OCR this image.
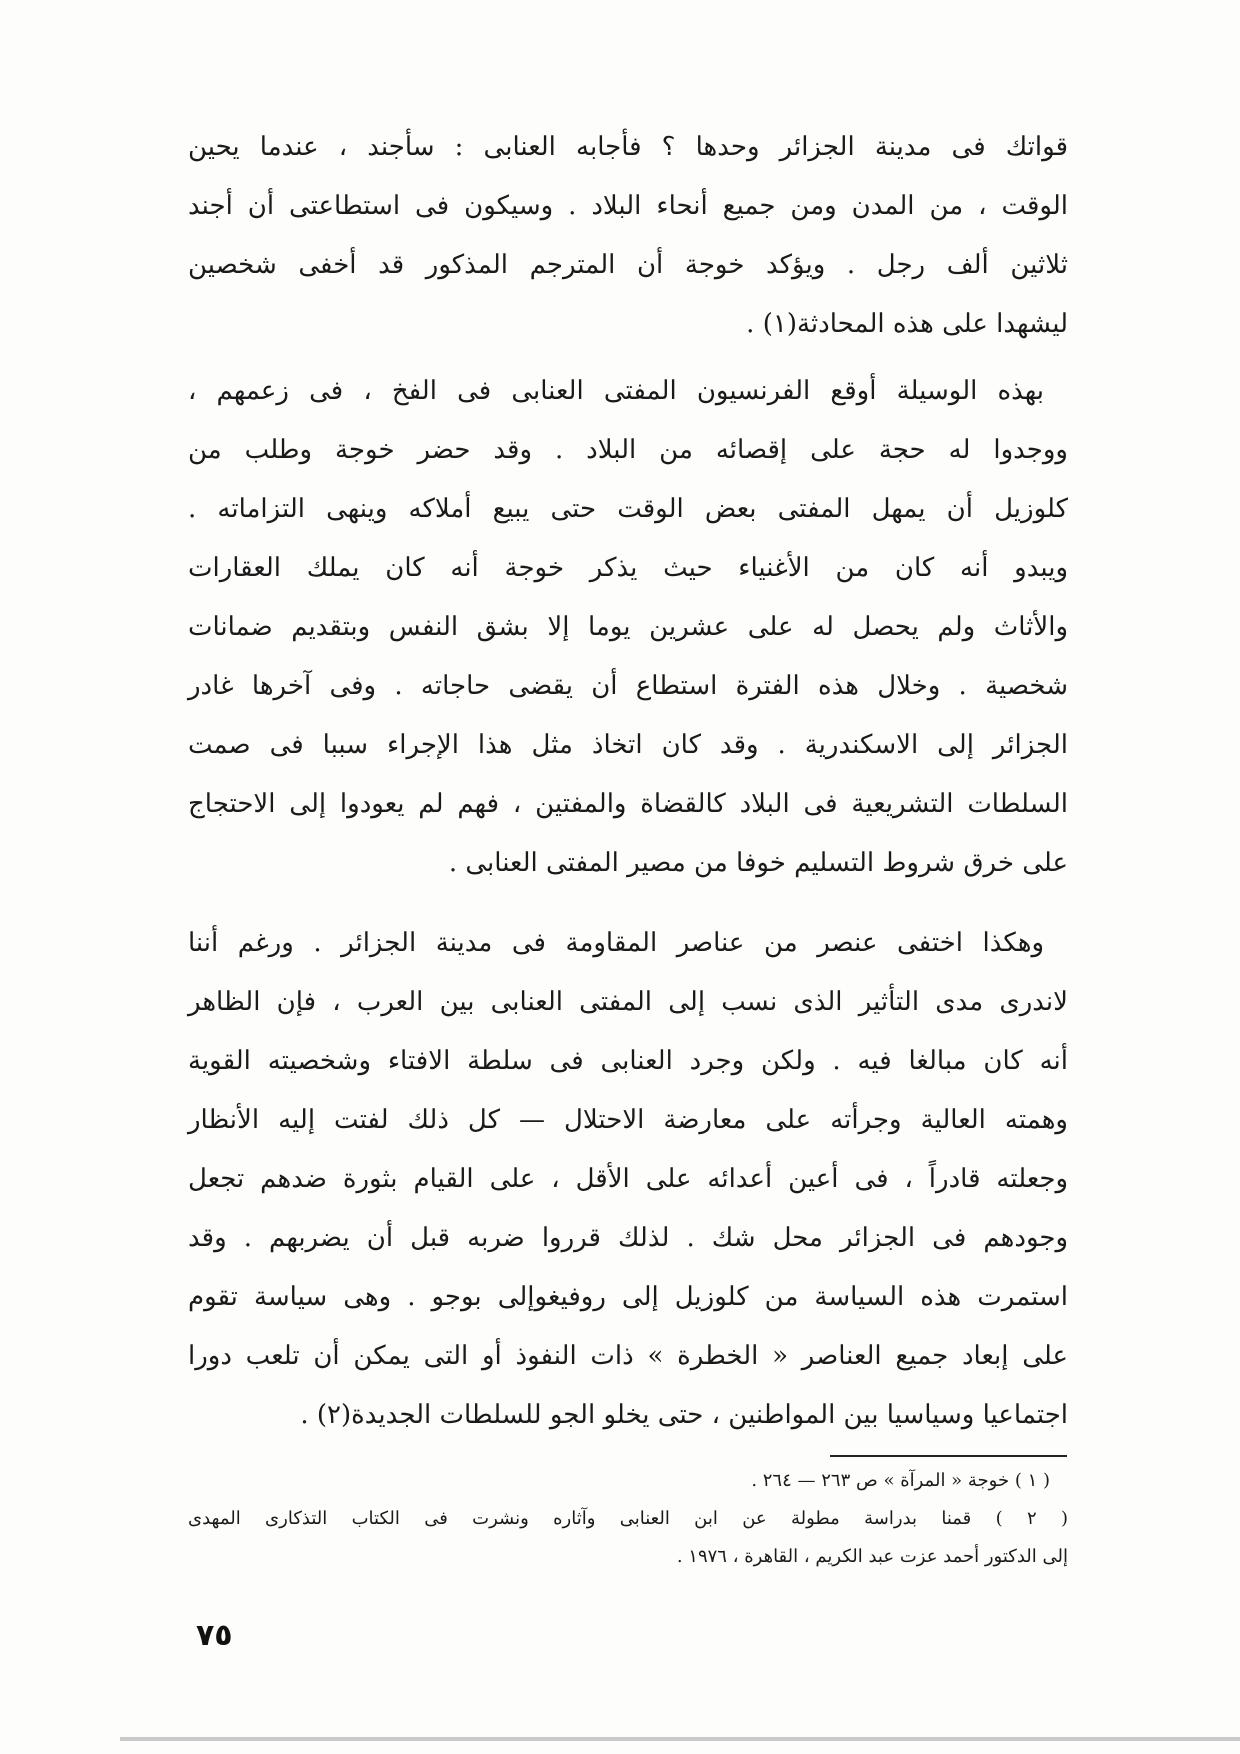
قواتك فى مدينة الجزائر وحدها ؟ فأجابه العنابى : سأجند ، عندما يحين
الوقت ، من المدن ومن جميع أنحاء البلاد . وسيكون فى استطاعتى أن أجند
ثلاثين ألف رجل . ويؤكد خوجة أن المترجم المذكور قد أخفى شخصين
ليشهدا على هذه المحادثة(١) .
بهذه الوسيلة أوقع الفرنسيون المفتى العنابى فى الفخ ، فى زعمهم ،
ووجدوا له حجة على إقصائه من البلاد . وقد حضر خوجة وطلب من
كلوزيل أن يمهل المفتى بعض الوقت حتى يبيع أملاكه وينهى التزاماته .
ويبدو أنه كان من الأغنياء حيث يذكر خوجة أنه كان يملك العقارات
والأثاث ولم يحصل له على عشرين يوما إلا بشق النفس وبتقديم ضمانات
شخصية . وخلال هذه الفترة استطاع أن يقضى حاجاته . وفى آخرها غادر
الجزائر إلى الاسكندرية . وقد كان اتخاذ مثل هذا الإجراء سببا فى صمت
السلطات التشريعية فى البلاد كالقضاة والمفتين ، فهم لم يعودوا إلى الاحتجاج
على خرق شروط التسليم خوفا من مصير المفتى العنابى .
وهكذا اختفى عنصر من عناصر المقاومة فى مدينة الجزائر . ورغم أننا
لاندرى مدى التأثير الذى نسب إلى المفتى العنابى بين العرب ، فإن الظاهر
أنه كان مبالغا فيه . ولكن وجرد العنابى فى سلطة الافتاء وشخصيته القوية
وهمته العالية وجرأته على معارضة الاحتلال — كل ذلك لفتت إليه الأنظار
وجعلته قادراً ، فى أعين أعدائه على الأقل ، على القيام بثورة ضدهم تجعل
وجودهم فى الجزائر محل شك . لذلك قرروا ضربه قبل أن يضربهم . وقد
استمرت هذه السياسة من كلوزيل إلى روفيغوإلى بوجو . وهى سياسة تقوم
على إبعاد جميع العناصر « الخطرة » ذات النفوذ أو التى يمكن أن تلعب دورا
اجتماعيا وسياسيا بين المواطنين ، حتى يخلو الجو للسلطات الجديدة(٢) .
( ١ ) خوجة « المرآة » ص ٢٦٣ — ٢٦٤ .
( ٢ ) قمنا بدراسة مطولة عن ابن العنابى وآثاره ونشرت فى الكتاب التذكارى المهدى
إلى الدكتور أحمد عزت عبد الكريم ، القاهرة ، ١٩٧٦ .
٧٥
